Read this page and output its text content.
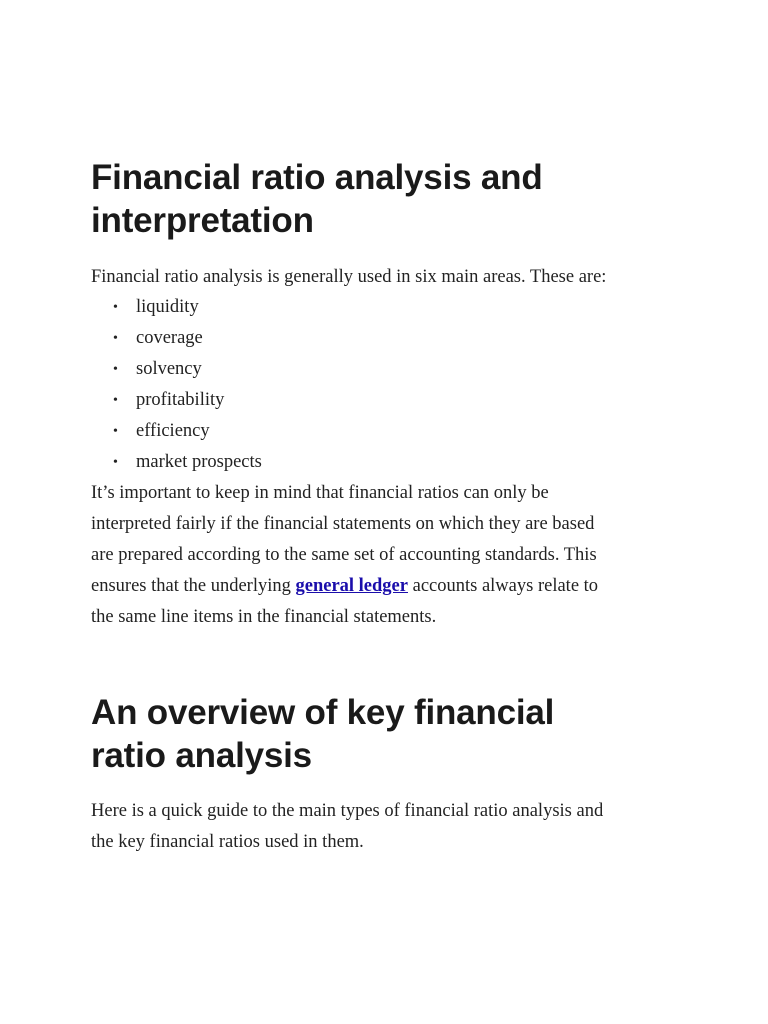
Financial ratio analysis and
interpretation

Financial ratio analysis is generally used in six main areas. These are:

• liquidity
• coverage
• solvency
• profitability
• efficiency
• market prospects

It’s important to keep in mind that financial ratios can only be
interpreted fairly if the financial statements on which they are based
are prepared according to the same set of accounting standards. This
ensures that the underlying general ledger accounts always relate to
the same line items in the financial statements.

An overview of key financial
ratio analysis

Here is a quick guide to the main types of financial ratio analysis and
the key financial ratios used in them.
